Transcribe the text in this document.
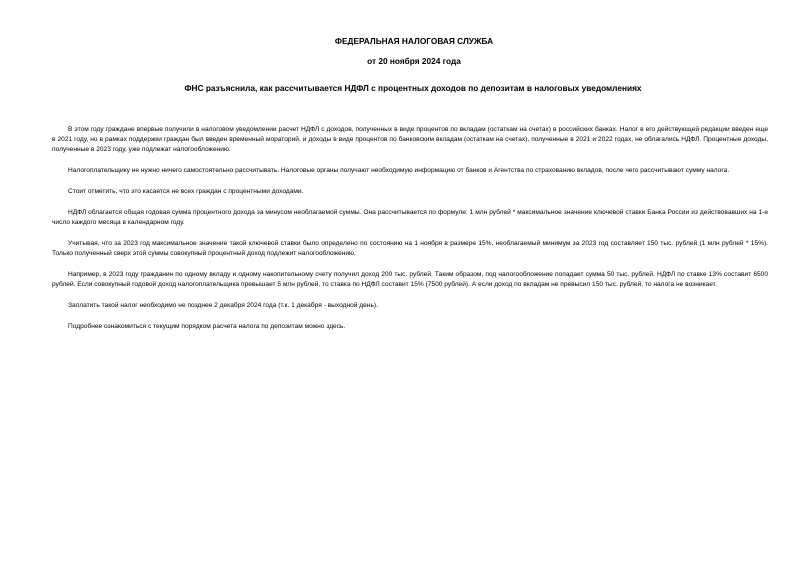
ФЕДЕРАЛЬНАЯ НАЛОГОВАЯ СЛУЖБА

от 20 ноября 2024 года

ФНС разъяснила, как рассчитывается НДФЛ с процентных доходов по депозитам в налоговых уведомлениях

В этом году граждане впервые получили в налоговом уведомлении расчет НДФЛ с доходов, полученных в виде процентов по вкладам (остаткам на счетах) в российских банках. Налог в его действующей редакции введен еще в 2021 году, но в рамках поддержки граждан был введен временный мораторий, и доходы в виде процентов по банковским вкладам (остаткам на счетах), полученные в 2021 и 2022 годах, не облагались НДФЛ. Процентные доходы, полученные в 2023 году, уже подлежат налогообложению.

Налогоплательщику не нужно ничего самостоятельно рассчитывать. Налоговые органы получают необходимую информацию от банков и Агентства по страхованию вкладов, после чего рассчитывают сумму налога.

Стоит отметить, что это касается не всех граждан с процентными доходами.

НДФЛ облагается общая годовая сумма процентного дохода за минусом необлагаемой суммы. Она рассчитывается по формуле: 1 млн рублей * максимальное значение ключевой ставки Банка России из действовавших на 1-е число каждого месяца в календарном году.

Учитывая, что за 2023 год максимальное значение такой ключевой ставки было определено по состоянию на 1 ноября в размере 15%, необлагаемый минимум за 2023 год составляет 150 тыс. рублей (1 млн рублей * 15%). Только полученный сверх этой суммы совокупный процентный доход подлежит налогообложению.

Например, в 2023 году гражданин по одному вкладу и одному накопительному счету получил доход 200 тыс. рублей. Таким образом, под налогообложение попадает сумма 50 тыс. рублей. НДФЛ по ставке 13% составит 6500 рублей. Если совокупный годовой доход налогоплательщика превышает 5 млн рублей, то ставка по НДФЛ составит 15% (7500 рублей). А если доход по вкладам не превысил 150 тыс. рублей, то налога не возникает.

Заплатить такой налог необходимо не позднее 2 декабря 2024 года (т.к. 1 декабря - выходной день).

Подробнее ознакомиться с текущим порядком расчета налога по депозитам можно здесь.
